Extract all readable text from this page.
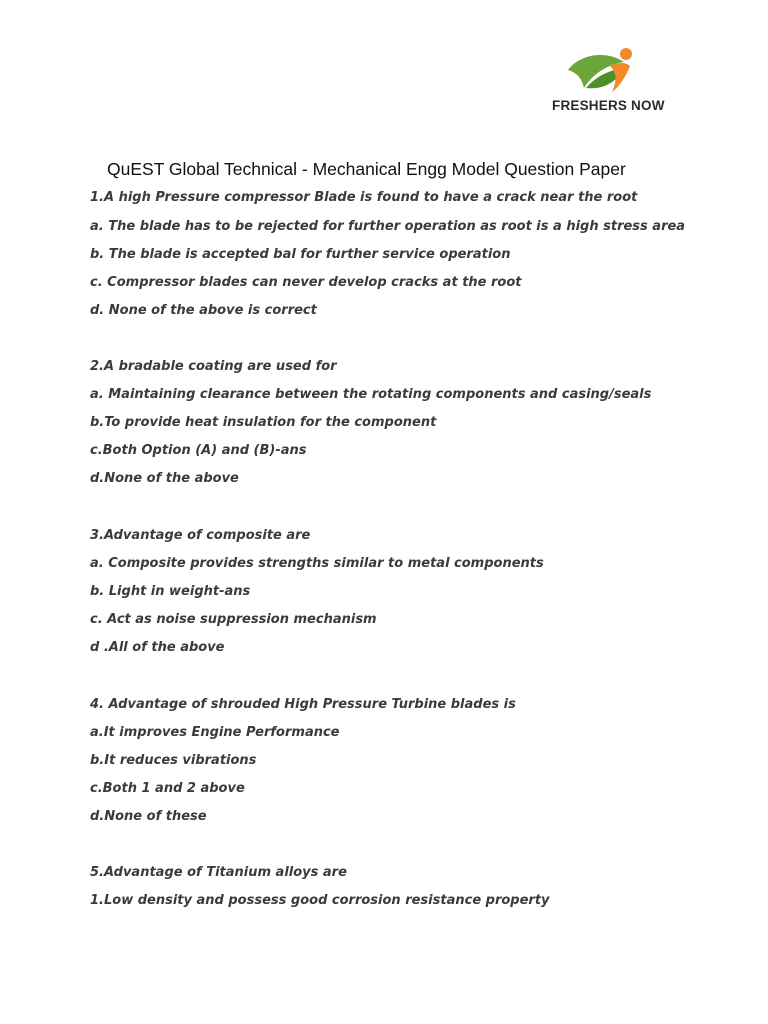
FRESHERS NOW
QuEST Global Technical - Mechanical Engg Model Question Paper
1.A high Pressure compressor Blade is found to have a crack near the root
a. The blade has to be rejected for further operation as root is a high stress area
b. The blade is accepted bal for further service operation
c. Compressor blades can never develop cracks at the root
d. None of the above is correct
2.A bradable coating are used for
a. Maintaining clearance between the rotating components and casing/seals
b.To provide heat insulation for the component
c.Both Option (A) and (B)-ans
d.None of the above
3.Advantage of composite are
a. Composite provides strengths similar to metal components
b. Light in weight-ans
c. Act as noise suppression mechanism
d .All of the above
4. Advantage of shrouded High Pressure Turbine blades is
a.It improves Engine Performance
b.It reduces vibrations
c.Both 1 and 2 above
d.None of these
5.Advantage of Titanium alloys are
1.Low density and possess good corrosion resistance property
